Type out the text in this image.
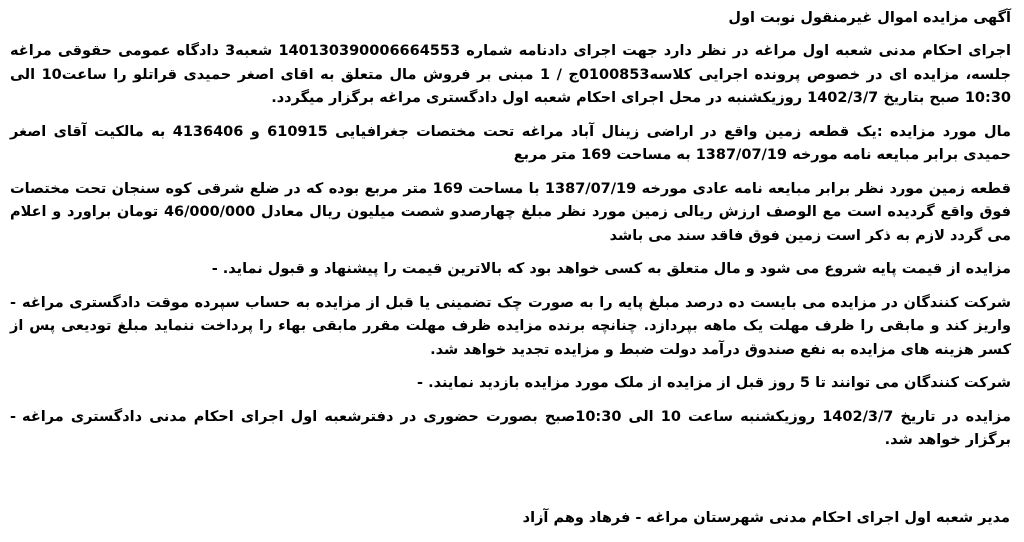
آگهی مزایده اموال غیرمنقول نوبت اول

اجرای احکام مدنی شعبه اول مراغه در نظر دارد جهت اجرای دادنامه شماره 140130390006664553 شعبه3 دادگاه عمومی حقوقی مراغه جلسه، مزایده ای در خصوص پرونده اجرایی کلاسه0100853ج / 1 مبنی بر فروش مال متعلق به اقای اصغر حمیدی قراتلو را ساعت10 الی 10:30 صبح بتاریخ 1402/3/7 روزیکشنبه در محل اجرای احکام شعبه اول دادگستری مراغه برگزار میگردد.

مال مورد مزایده :یک قطعه زمین واقع در اراضی زینال آباد مراغه تحت مختصات جغرافیایی 610915 و 4136406 به مالکیت آقای اصغر حمیدی برابر مبایعه نامه مورخه 1387/07/19 به مساحت 169 متر مربع

قطعه زمین مورد نظر برابر مبایعه نامه عادی مورخه 1387/07/19 با مساحت 169 متر مربع بوده که در ضلع شرقی کوه سنجان تحت مختصات فوق واقع گردیده است مع الوصف ارزش ریالی زمین مورد نظر مبلغ چهارصدو شصت میلیون ریال معادل 46/000/000 تومان براورد و اعلام می گردد لازم به ذکر است زمین فوق فاقد سند می باشد

مزایده از قیمت پایه شروع می شود و مال متعلق به کسی خواهد بود که بالاترین قیمت را پیشنهاد و قبول نماید. -

- شرکت کنندگان در مزایده می بایست ده درصد مبلغ پایه را به صورت چک تضمینی یا قبل از مزایده به حساب سپرده موقت دادگستری مراغه واریز کند و مابقی را ظرف مهلت یک ماهه بپردازد. چنانچه برنده مزایده ظرف مهلت مقرر مابقی بهاء را پرداخت ننماید مبلغ تودیعی پس از کسر هزینه های مزایده به نفع صندوق درآمد دولت ضبط و مزایده تجدید خواهد شد.

شرکت کنندگان می توانند تا 5 روز قبل از مزایده از ملک مورد مزایده بازدید نمایند. -

- مزایده در تاریخ 1402/3/7 روزیکشنبه ساعت 10 الی 10:30صبح بصورت حضوری در دفترشعبه اول اجرای احکام مدنی دادگستری مراغه برگزار خواهد شد.

مدیر شعبه اول اجرای احکام مدنی شهرستان مراغه - فرهاد وهم آزاد
